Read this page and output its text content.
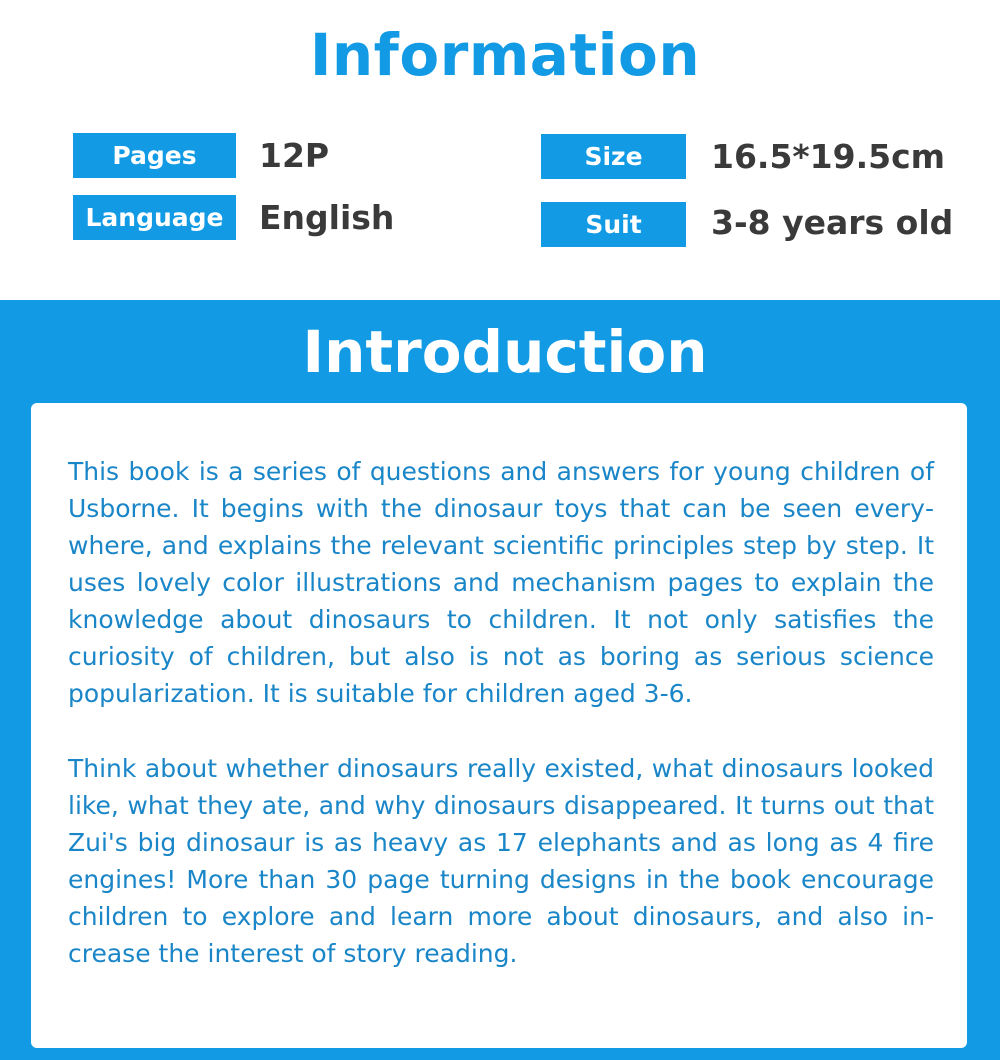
Information
Pages	12P
Language	English
Size	16.5*19.5cm
Suit	3-8 years old
Introduction

This book is a series of questions and answers for young children of Usborne. It begins with the dinosaur toys that can be seen everywhere, and explains the relevant scientific principles step by step. It uses lovely color illustrations and mechanism pages to explain the knowledge about dinosaurs to children. It not only satisfies the curiosity of children, but also is not as boring as serious science popularization. It is suitable for children aged 3-6.

Think about whether dinosaurs really existed, what dinosaurs looked like, what they ate, and why dinosaurs disappeared. It turns out that Zui's big dinosaur is as heavy as 17 elephants and as long as 4 fire engines! More than 30 page turning designs in the book encourage children to explore and learn more about dinosaurs, and also increase the interest of story reading.
